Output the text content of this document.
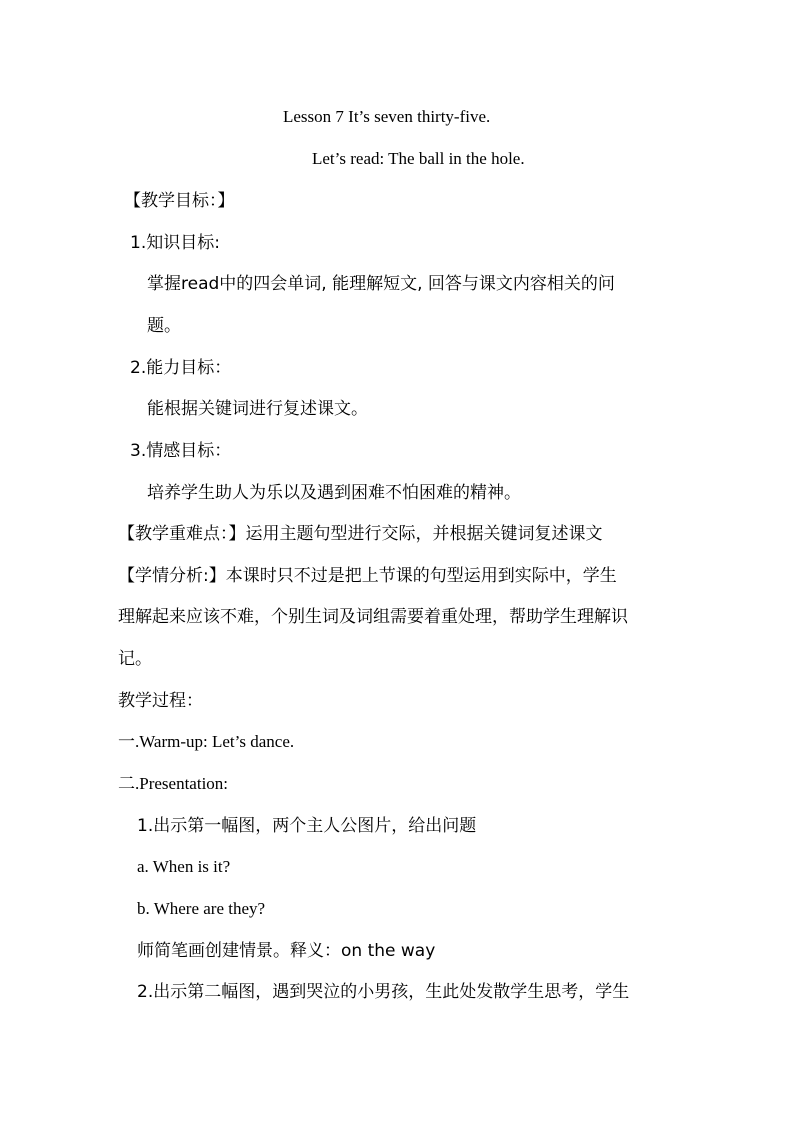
Lesson 7 It’s seven thirty-five.
Let’s read: The ball in the hole.
【教学目标：】
1.知识目标:
掌握read中的四会单词, 能理解短文, 回答与课文内容相关的问
题。
2.能力目标：
能根据关键词进行复述课文。
3.情感目标：
培养学生助人为乐以及遇到困难不怕困难的精神。
【教学重难点：】运用主题句型进行交际，并根据关键词复述课文
【学情分析:】本课时只不过是把上节课的句型运用到实际中，学生
理解起来应该不难，个别生词及词组需要着重处理，帮助学生理解识
记。
教学过程：
一.Warm-up: Let’s dance.
二.Presentation:
1.出示第一幅图，两个主人公图片，给出问题
a. When is it?
b. Where are they?
师简笔画创建情景。释义：on the way
2.出示第二幅图，遇到哭泣的小男孩，生此处发散学生思考，学生
